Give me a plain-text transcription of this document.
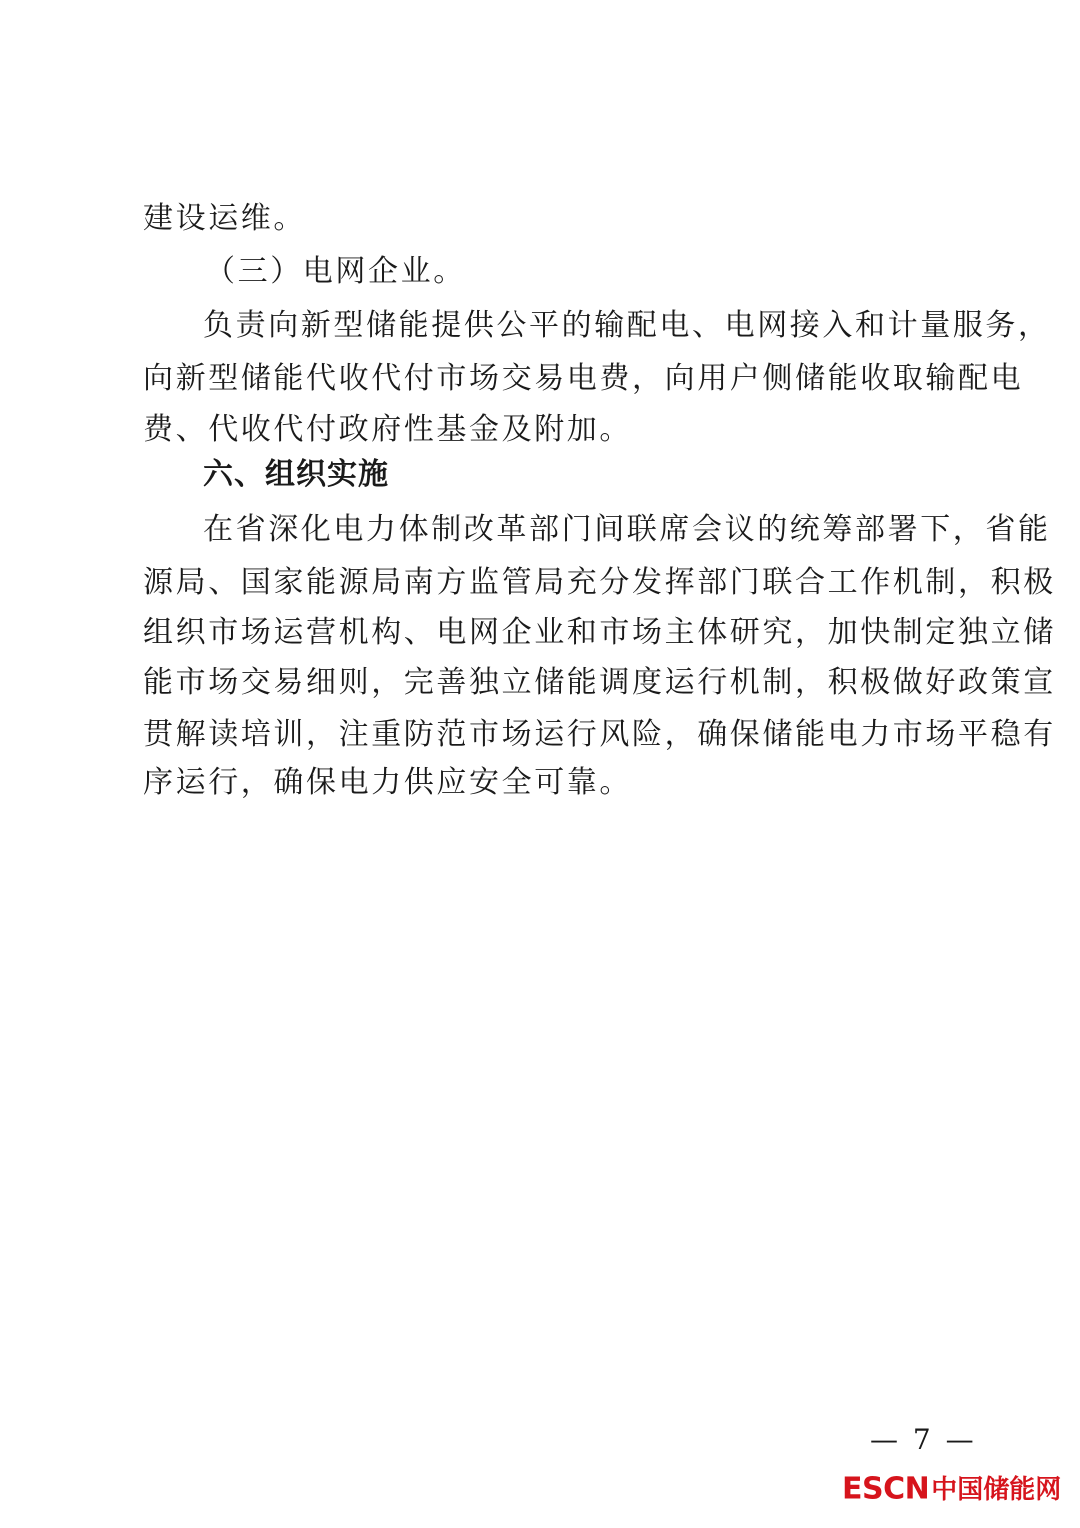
建设运维。
（三）电网企业。
负责向新型储能提供公平的输配电、电网接入和计量服务，
向新型储能代收代付市场交易电费，向用户侧储能收取输配电
费、代收代付政府性基金及附加。
六、组织实施
在省深化电力体制改革部门间联席会议的统筹部署下，省能
源局、国家能源局南方监管局充分发挥部门联合工作机制，积极
组织市场运营机构、电网企业和市场主体研究，加快制定独立储
能市场交易细则，完善独立储能调度运行机制，积极做好政策宣
贯解读培训，注重防范市场运行风险，确保储能电力市场平稳有
序运行，确保电力供应安全可靠。
— 7 —
ESCN中国储能网
